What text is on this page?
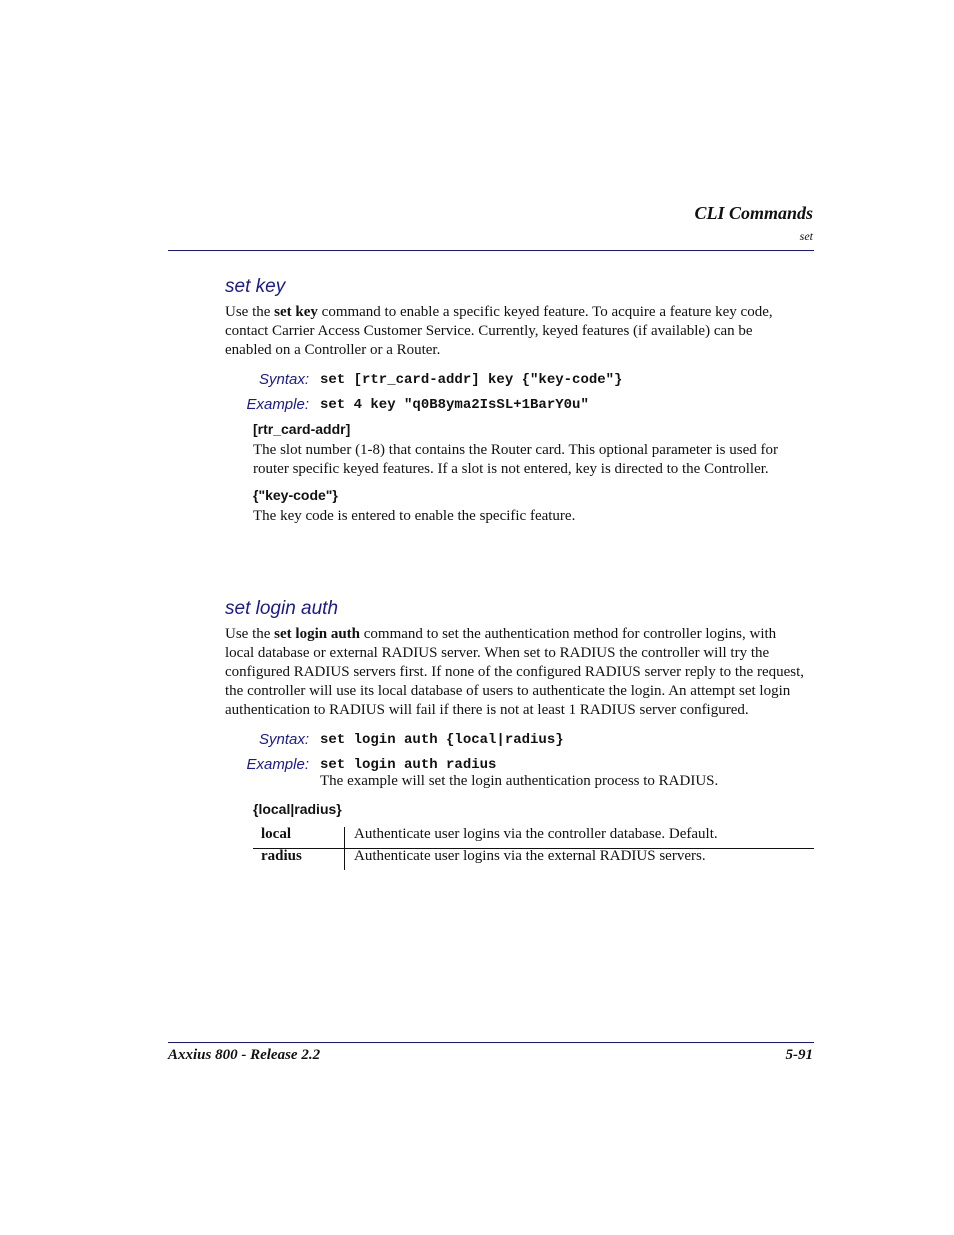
CLI Commands
set
set key
Use the set key command to enable a specific keyed feature. To acquire a feature key code,
contact Carrier Access Customer Service. Currently, keyed features (if available) can be
enabled on a Controller or a Router.
Syntax: set [rtr_card-addr] key {"key-code"}
Example: set 4 key "q0B8yma2IsSL+1BarY0u"
[rtr_card-addr]
The slot number (1-8) that contains the Router card. This optional parameter is used for
router specific keyed features. If a slot is not entered, key is directed to the Controller.
{"key-code"}
The key code is entered to enable the specific feature.
set login auth
Use the set login auth command to set the authentication method for controller logins, with
local database or external RADIUS server. When set to RADIUS the controller will try the
configured RADIUS servers first. If none of the configured RADIUS server reply to the request,
the controller will use its local database of users to authenticate the login. An attempt set login
authentication to RADIUS will fail if there is not at least 1 RADIUS server configured.
Syntax: set login auth {local|radius}
Example: set login auth radius
The example will set the login authentication process to RADIUS.
{local|radius}
local	Authenticate user logins via the controller database. Default.
radius	Authenticate user logins via the external RADIUS servers.
Axxius 800 - Release 2.2	5-91
